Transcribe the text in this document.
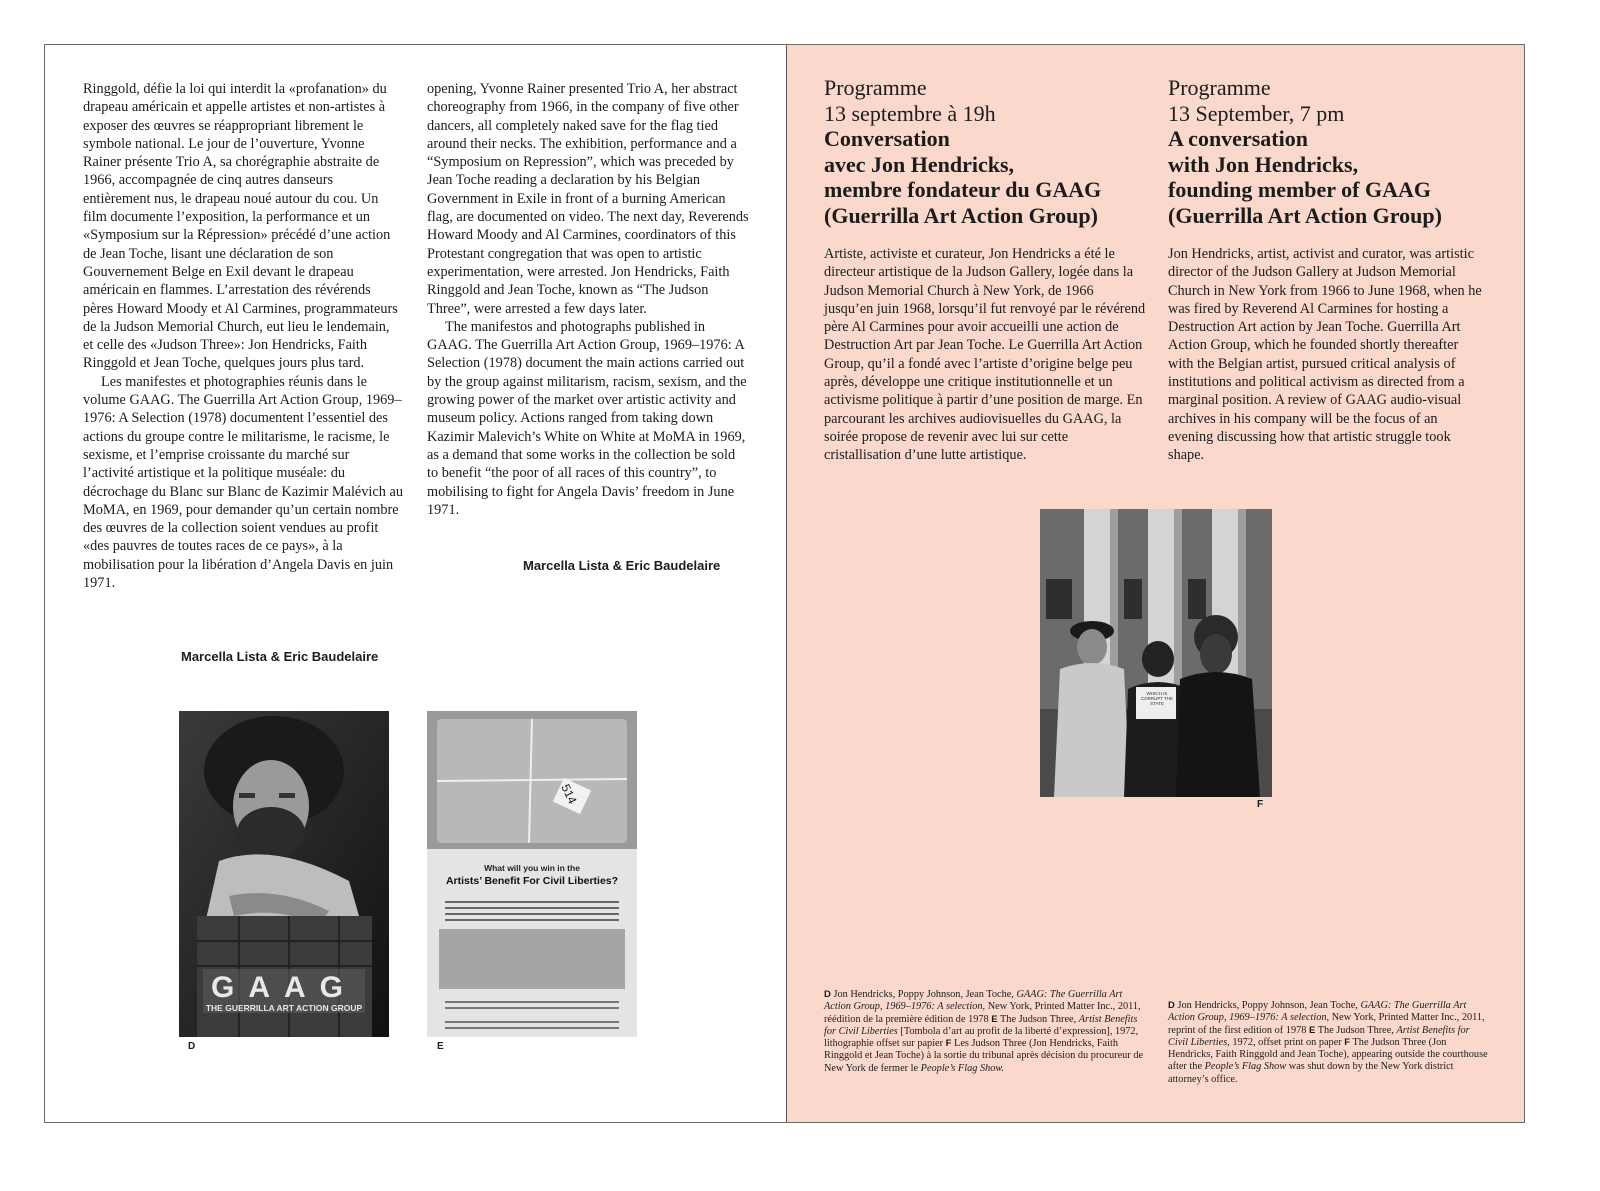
Ringgold, défie la loi qui interdit la «profanation» du drapeau américain et appelle artistes et non-artistes à exposer des œuvres se réappropriant librement le symbole national. Le jour de l’ouverture, Yvonne Rainer présente Trio A, sa chorégraphie abstraite de 1966, accompagnée de cinq autres danseurs entièrement nus, le drapeau noué autour du cou. Un film documente l’exposition, la performance et un «Symposium sur la Répression» précédé d’une action de Jean Toche, lisant une déclaration de son Gouvernement Belge en Exil devant le drapeau américain en flammes. L’arrestation des révérends pères Howard Moody et Al Carmines, programmateurs de la Judson Memorial Church, eut lieu le lendemain, et celle des «Judson Three»: Jon Hendricks, Faith Ringgold et Jean Toche, quelques jours plus tard.

Les manifestes et photographies réunis dans le volume GAAG. The Guerrilla Art Action Group, 1969–1976: A Selection (1978) documentent l’essentiel des actions du groupe contre le militarisme, le racisme, le sexisme, et l’emprise croissante du marché sur l’activité artistique et la politique muséale: du décrochage du Blanc sur Blanc de Kazimir Malévich au MoMA, en 1969, pour demander qu’un certain nombre des œuvres de la collection soient vendues au profit «des pauvres de toutes races de ce pays», à la mobilisation pour la libération d’Angela Davis en juin 1971.

Marcella Lista & Eric Baudelaire

opening, Yvonne Rainer presented Trio A, her abstract choreography from 1966, in the company of five other dancers, all completely naked save for the flag tied around their necks. The exhibition, performance and a “Symposium on Repression”, which was preceded by Jean Toche reading a declaration by his Belgian Government in Exile in front of a burning American flag, are documented on video. The next day, Reverends Howard Moody and Al Carmines, coordinators of this Protestant congregation that was open to artistic experimentation, were arrested. Jon Hendricks, Faith Ringgold and Jean Toche, known as “The Judson Three”, were arrested a few days later.

The manifestos and photographs published in GAAG. The Guerrilla Art Action Group, 1969–1976: A Selection (1978) document the main actions carried out by the group against militarism, racism, sexism, and the growing power of the market over artistic activity and museum policy. Actions ranged from taking down Kazimir Malevich’s White on White at MoMA in 1969, as a demand that some works in the collection be sold to benefit “the poor of all races of this country”, to mobilising to fight for Angela Davis’ freedom in June 1971.

Marcella Lista & Eric Baudelaire
GAAG
THE GUERRILLA ART ACTION GROUP
D
514
What will you win in the
Artists’ Benefit For Civil Liberties?
E
Programme
13 septembre à 19h
Conversation
avec Jon Hendricks,
membre fondateur du GAAG
(Guerrilla Art Action Group)
Programme
13 September, 7 pm
A conversation
with Jon Hendricks,
founding member of GAAG
(Guerrilla Art Action Group)
Artiste, activiste et curateur, Jon Hendricks a été le directeur artistique de la Judson Gallery, logée dans la Judson Memorial Church à New York, de 1966 jusqu’en juin 1968, lorsqu’il fut renvoyé par le révérend père Al Carmines pour avoir accueilli une action de Destruction Art par Jean Toche. Le Guerrilla Art Action Group, qu’il a fondé avec l’artiste d’origine belge peu après, développe une critique institutionnelle et un activisme politique à partir d’une position de marge. En parcourant les archives audiovisuelles du GAAG, la soirée propose de revenir avec lui sur cette cristallisation d’une lutte artistique.
Jon Hendricks, artist, activist and curator, was artistic director of the Judson Gallery at Judson Memorial Church in New York from 1966 to June 1968, when he was fired by Reverend Al Carmines for hosting a Destruction Art action by Jean Toche. Guerrilla Art Action Group, which he founded shortly thereafter with the Belgian artist, pursued critical analysis of institutions and political activism as directed from a marginal position. A review of GAAG audio-visual archives in his company will be the focus of an evening discussing how that artistic struggle took shape.
WHICH IS CORRUPT THE STATE
F
D Jon Hendricks, Poppy Johnson, Jean Toche, GAAG: The Guerrilla Art Action Group, 1969–1976: A selection, New York, Printed Matter Inc., 2011, réédition de la première édition de 1978 E The Judson Three, Artist Benefits for Civil Liberties [Tombola d’art au profit de la liberté d’expression], 1972, lithographie offset sur papier F Les Judson Three (Jon Hendricks, Faith Ringgold et Jean Toche) à la sortie du tribunal après décision du procureur de New York de fermer le People’s Flag Show.
D Jon Hendricks, Poppy Johnson, Jean Toche, GAAG: The Guerrilla Art Action Group, 1969–1976: A selection, New York, Printed Matter Inc., 2011, reprint of the first edition of 1978 E The Judson Three, Artist Benefits for Civil Liberties, 1972, offset print on paper F The Judson Three (Jon Hendricks, Faith Ringgold and Jean Toche), appearing outside the courthouse after the People’s Flag Show was shut down by the New York district attorney’s office.
